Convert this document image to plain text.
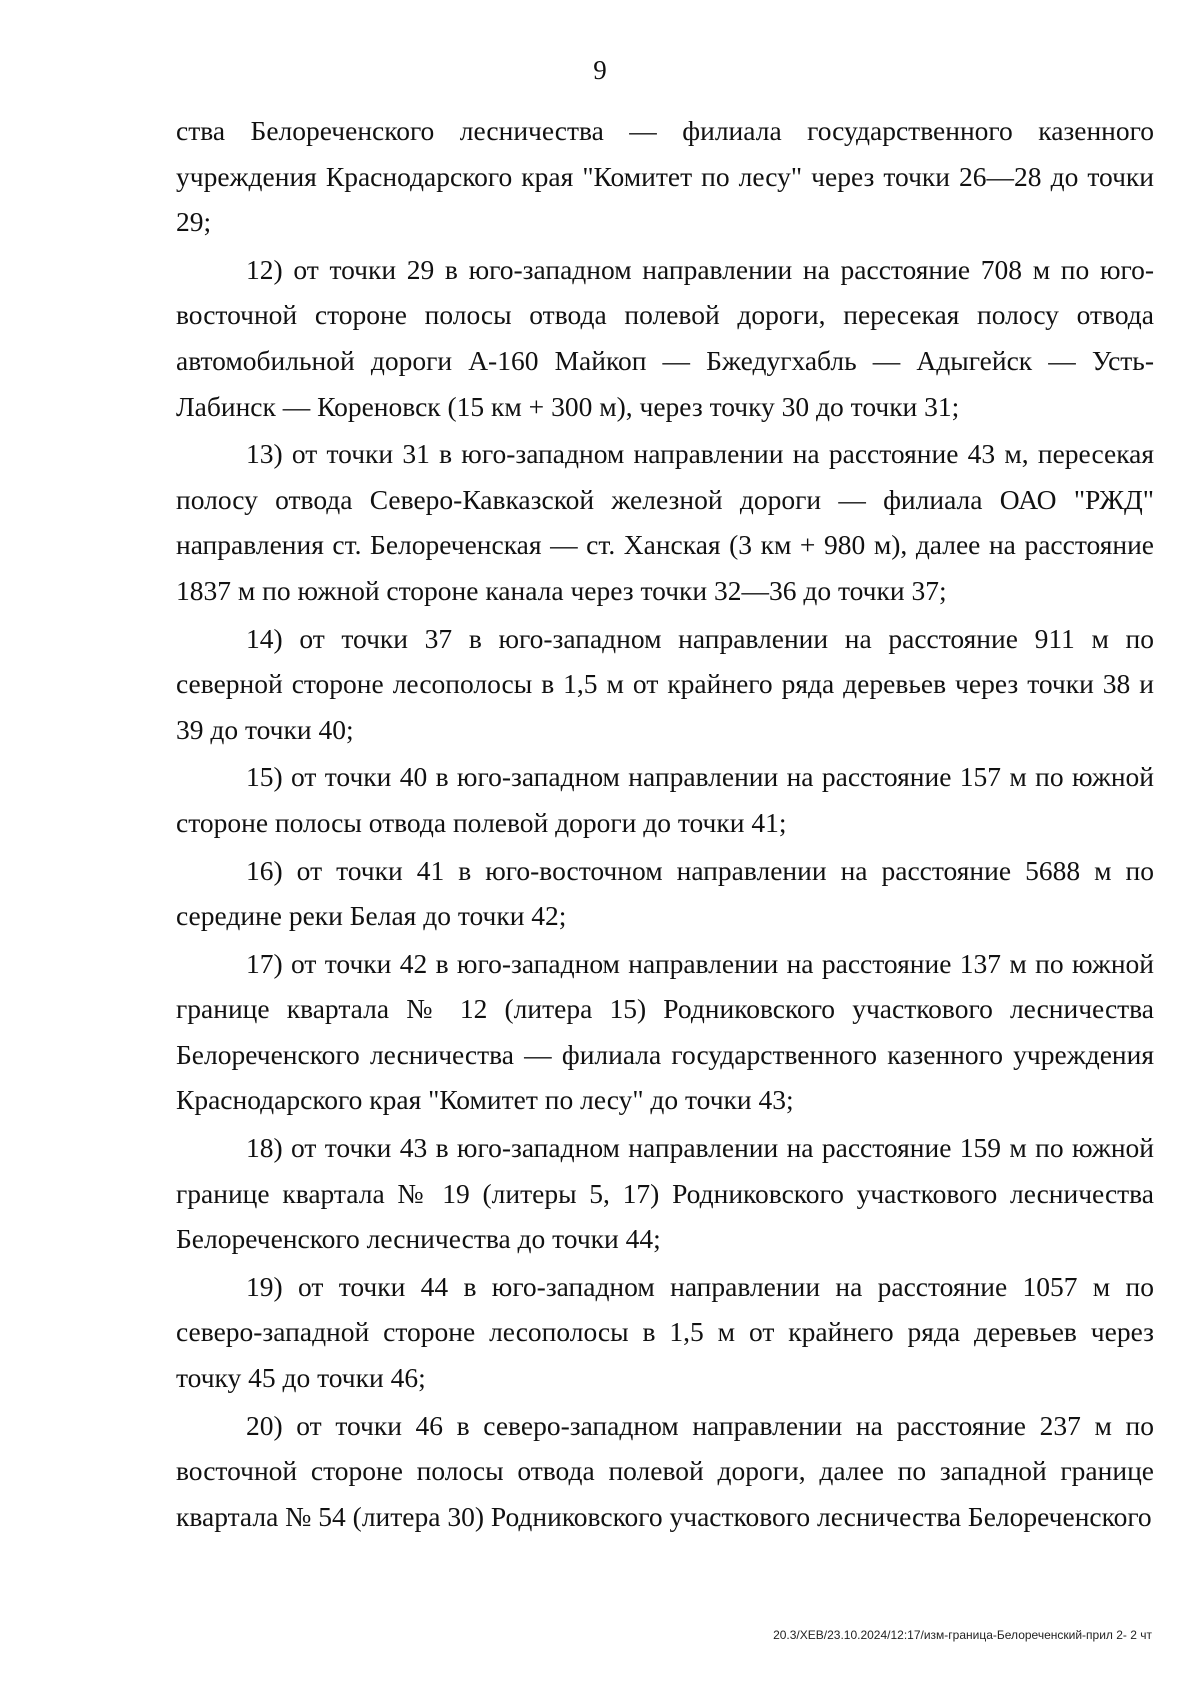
9

ства Белореченского лесничества — филиала государственного казенного учреждения Краснодарского края "Комитет по лесу" через точки 26—28 до точки 29;

12) от точки 29 в юго-западном направлении на расстояние 708 м по юго-восточной стороне полосы отвода полевой дороги, пересекая полосу отвода автомобильной дороги А-160 Майкоп — Бжедугхабль — Адыгейск — Усть-Лабинск — Кореновск (15 км + 300 м), через точку 30 до точки 31;

13) от точки 31 в юго-западном направлении на расстояние 43 м, пересекая полосу отвода Северо-Кавказской железной дороги — филиала ОАО "РЖД" направления ст. Белореченская — ст. Ханская (3 км + 980 м), далее на расстояние 1837 м по южной стороне канала через точки 32—36 до точки 37;

14) от точки 37 в юго-западном направлении на расстояние 911 м по северной стороне лесополосы в 1,5 м от крайнего ряда деревьев через точки 38 и 39 до точки 40;

15) от точки 40 в юго-западном направлении на расстояние 157 м по южной стороне полосы отвода полевой дороги до точки 41;

16) от точки 41 в юго-восточном направлении на расстояние 5688 м по середине реки Белая до точки 42;

17) от точки 42 в юго-западном направлении на расстояние 137 м по южной границе квартала № 12 (литера 15) Родниковского участкового лесничества Белореченского лесничества — филиала государственного казенного учреждения Краснодарского края "Комитет по лесу" до точки 43;

18) от точки 43 в юго-западном направлении на расстояние 159 м по южной границе квартала № 19 (литеры 5, 17) Родниковского участкового лесничества Белореченского лесничества до точки 44;

19) от точки 44 в юго-западном направлении на расстояние 1057 м по северо-западной стороне лесополосы в 1,5 м от крайнего ряда деревьев через точку 45 до точки 46;

20) от точки 46 в северо-западном направлении на расстояние 237 м по восточной стороне полосы отвода полевой дороги, далее по западной границе квартала № 54 (литера 30) Родниковского участкового лесничества Белореченского

20.3/ХЕВ/23.10.2024/12:17/изм-граница-Белореченский-прил 2- 2 чт
